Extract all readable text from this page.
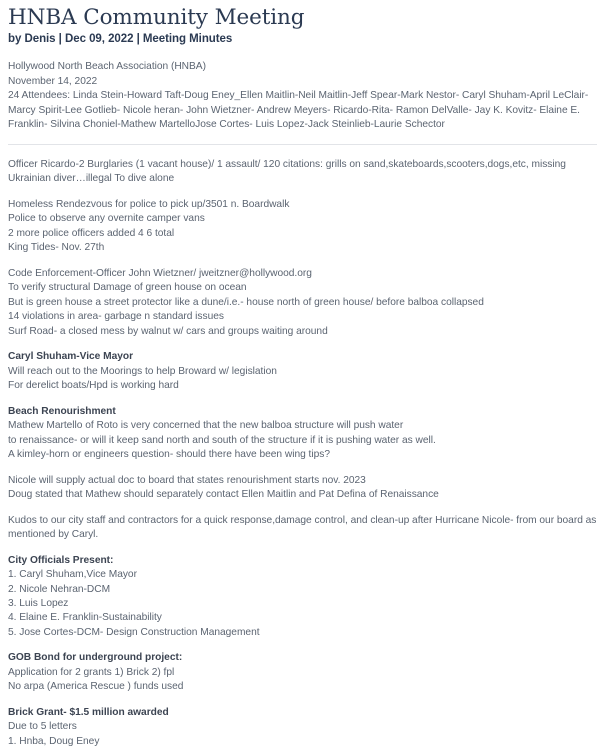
HNBA Community Meeting
by Denis | Dec 09, 2022 | Meeting Minutes
Hollywood North Beach Association (HNBA)
November 14, 2022
24 Attendees: Linda Stein-Howard Taft-Doug Eney_Ellen Maitlin-Neil Maitlin-Jeff Spear-Mark Nestor- Caryl Shuham-April LeClair- Marcy Spirit-Lee Gotlieb- Nicole heran- John Wietzner- Andrew Meyers- Ricardo-Rita- Ramon DelValle- Jay K. Kovitz- Elaine E. Franklin- Silvina Choniel-Mathew MartelloJose Cortes- Luis Lopez-Jack Steinlieb-Laurie Schector
Officer Ricardo-2 Burglaries (1 vacant house)/ 1 assault/ 120 citations: grills on sand,skateboards,scooters,dogs,etc, missing Ukrainian diver…illegal To dive alone
Homeless Rendezvous for police to pick up/3501 n. Boardwalk
Police to observe any overnite camper vans
2 more police officers added 4 6 total
King Tides- Nov. 27th
Code Enforcement-Officer John Wietzner/ jweitzner@hollywood.org
To verify structural Damage of green house on ocean
But is green house a street protector like a dune/i.e.- house north of green house/ before balboa collapsed
14 violations in area- garbage n standard issues
Surf Road- a closed mess by walnut w/ cars and groups waiting around
Caryl Shuham-Vice Mayor
Will reach out to the Moorings to help Broward w/ legislation
For derelict boats/Hpd is working hard
Beach Renourishment
Mathew Martello of Roto is very concerned that the new balboa structure will push water
to renaissance- or will it keep sand north and south of the structure if it is pushing water as well.
A kimley-horn or engineers question- should there have been wing tips?
Nicole will supply actual doc to board that states renourishment starts nov. 2023
Doug stated that Mathew should separately contact Ellen Maitlin and Pat Defina of Renaissance
Kudos to our city staff and contractors for a quick response,damage control, and clean-up after Hurricane Nicole- from our board as mentioned by Caryl.
City Officials Present:
1. Caryl Shuham,Vice Mayor
2. Nicole Nehran-DCM
3. Luis Lopez
4. Elaine E. Franklin-Sustainability
5. Jose Cortes-DCM- Design Construction Management
GOB Bond for underground project:
Application for 2 grants 1) Brick 2) fpl
No arpa (America Rescue ) funds used
Brick Grant- $1.5 million awarded
Due to 5 letters
1. Hnba, Doug Eney
